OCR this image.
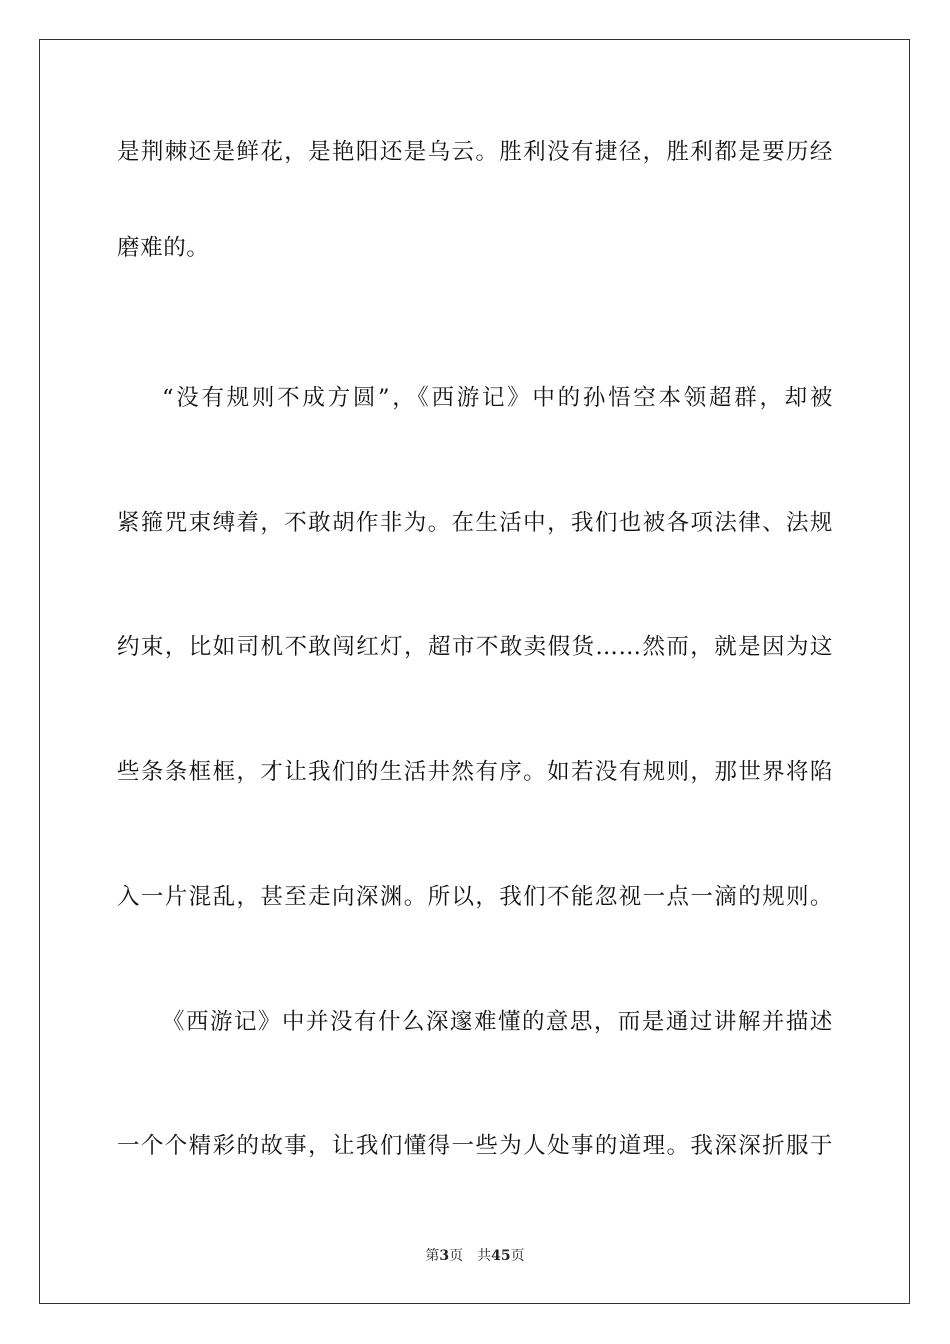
是荆棘还是鲜花，是艳阳还是乌云。胜利没有捷径，胜利都是要历经
磨难的。
“没有规则不成方圆”，《西游记》中的孙悟空本领超群，却被
紧箍咒束缚着，不敢胡作非为。在生活中，我们也被各项法律、法规
约束，比如司机不敢闯红灯，超市不敢卖假货……然而，就是因为这
些条条框框，才让我们的生活井然有序。如若没有规则，那世界将陷
入一片混乱，甚至走向深渊。所以，我们不能忽视一点一滴的规则。
《西游记》中并没有什么深邃难懂的意思，而是通过讲解并描述
一个个精彩的故事，让我们懂得一些为人处事的道理。我深深折服于
第3页 共45页
